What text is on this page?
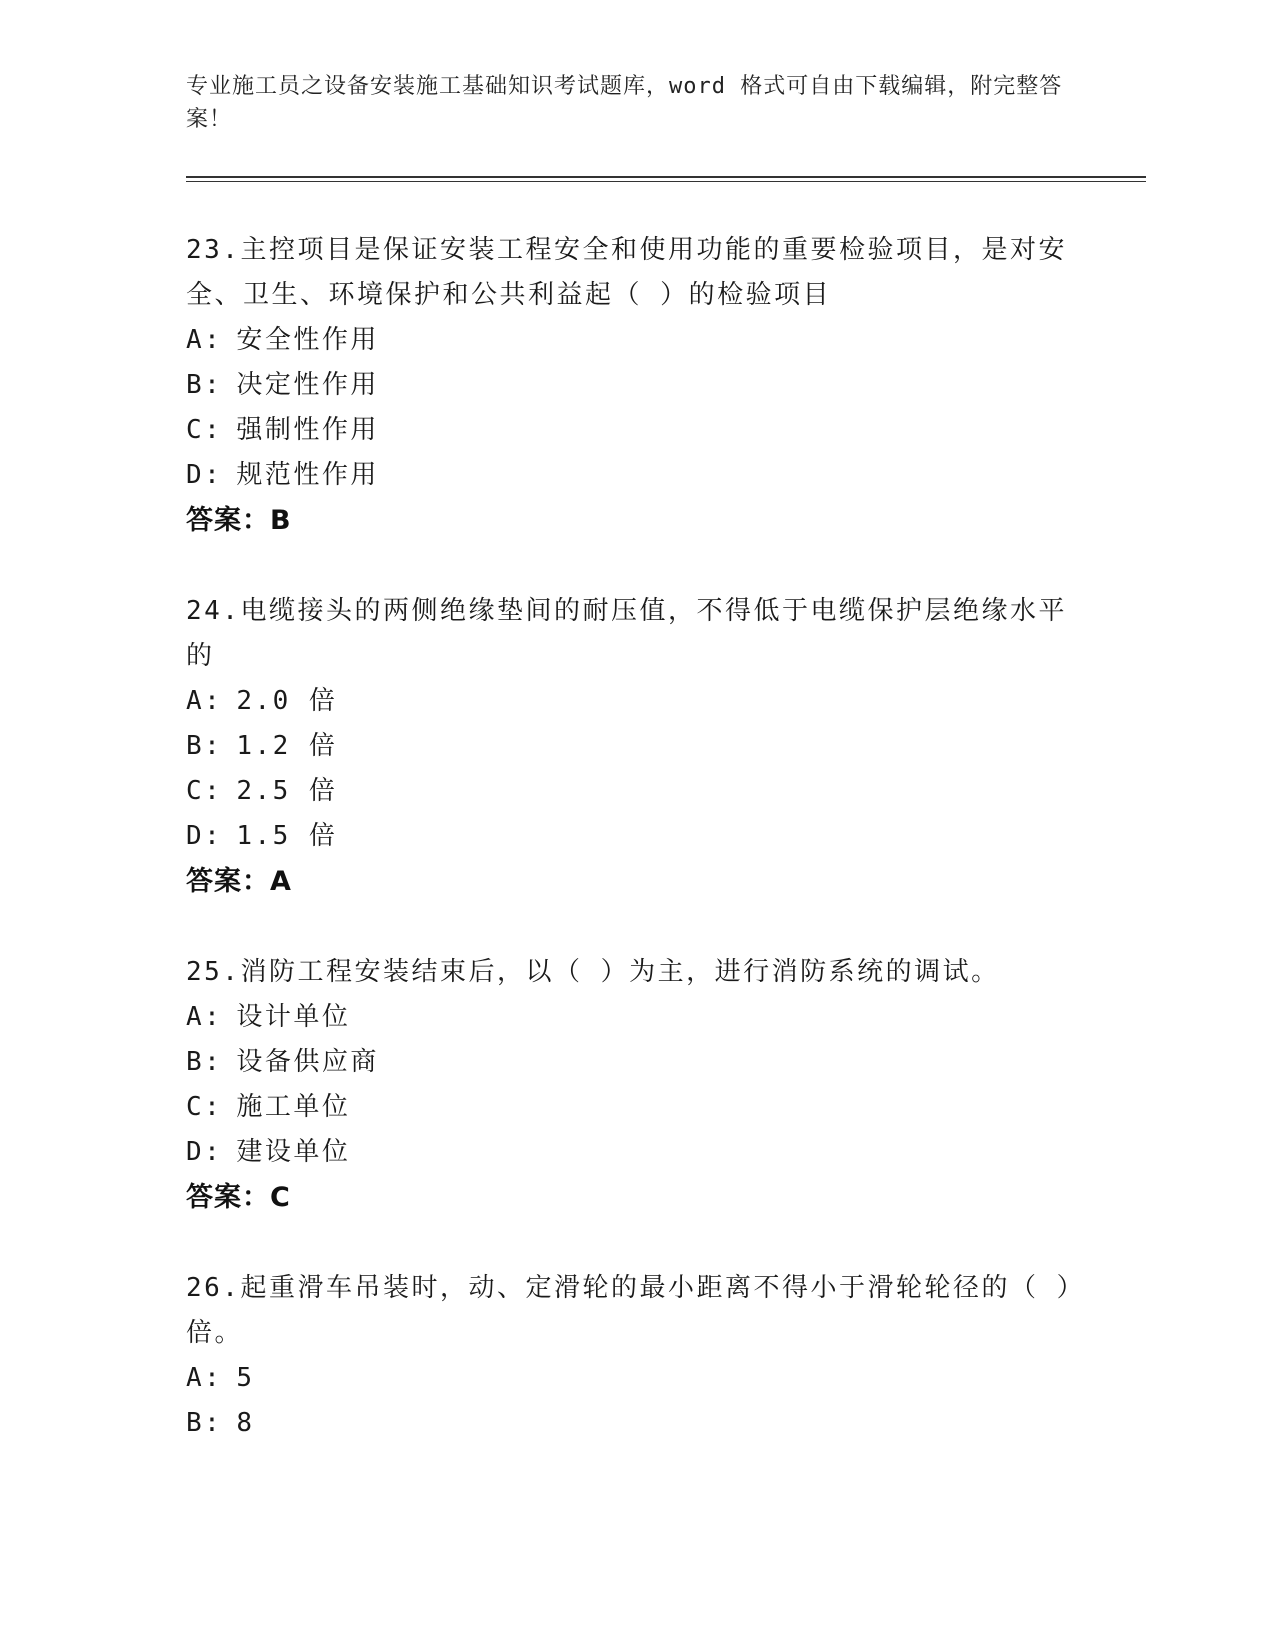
专业施工员之设备安装施工基础知识考试题库，word 格式可自由下载编辑，附完整答案！
23.主控项目是保证安装工程安全和使用功能的重要检验项目，是对安全、卫生、环境保护和公共利益起（ ）的检验项目
A: 安全性作用
B: 决定性作用
C: 强制性作用
D: 规范性作用
答案：B
24.电缆接头的两侧绝缘垫间的耐压值，不得低于电缆保护层绝缘水平的
A: 2.0 倍
B: 1.2 倍
C: 2.5 倍
D: 1.5 倍
答案：A
25.消防工程安装结束后，以（ ）为主，进行消防系统的调试。
A: 设计单位
B: 设备供应商
C: 施工单位
D: 建设单位
答案：C
26.起重滑车吊装时，动、定滑轮的最小距离不得小于滑轮轮径的（ ）倍。
A: 5
B: 8
